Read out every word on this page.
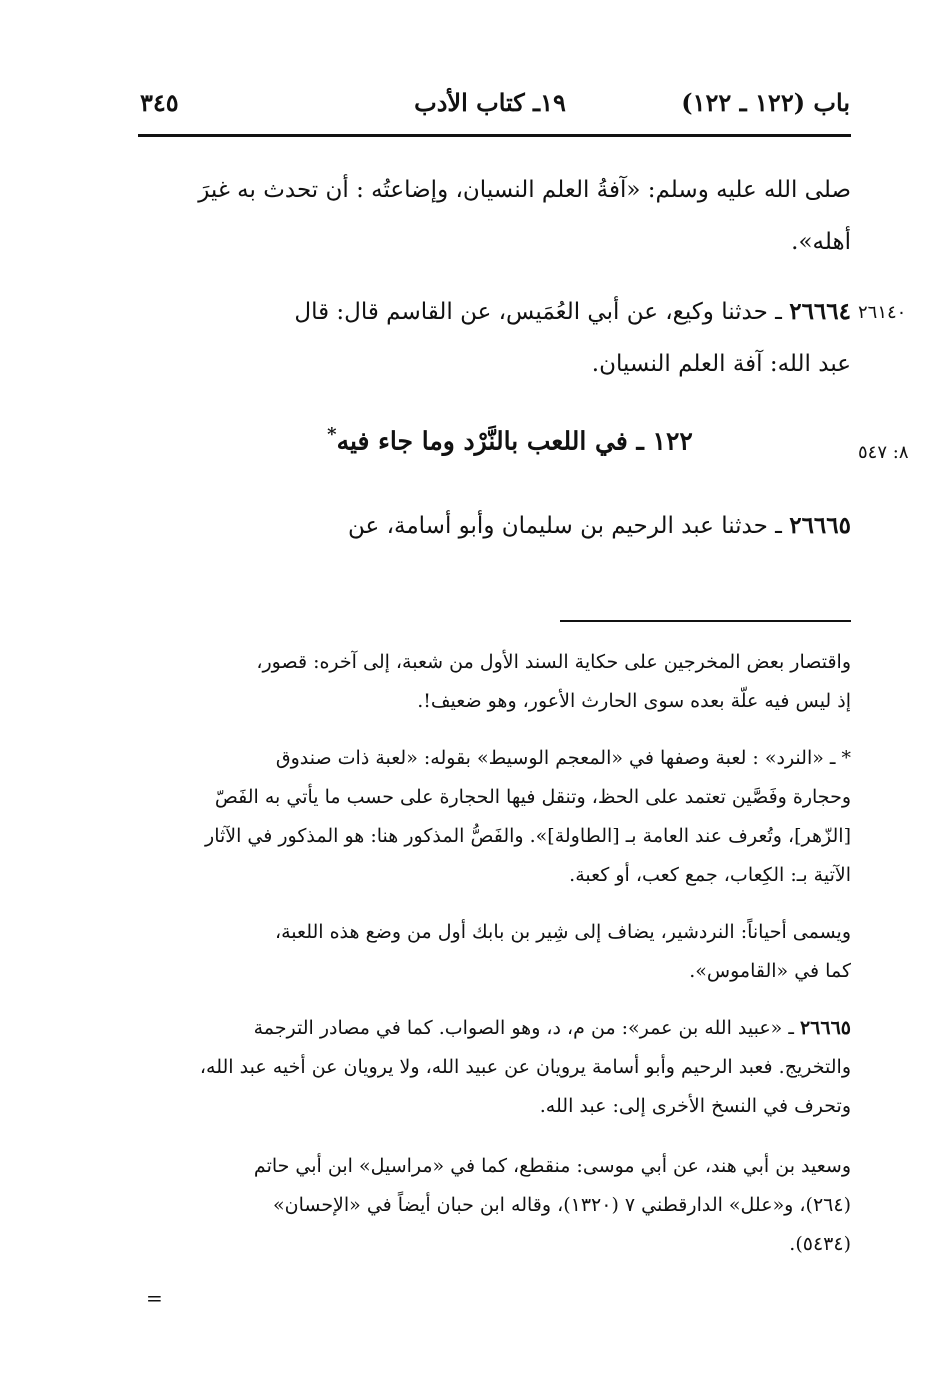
٣٤٥	١٩ـ كتاب الأدب	باب (١٢٢ ـ ١٢٢)
صلى الله عليه وسلم: «آفةُ العلم النسيان، وإضاعتُه : أن تحدث به غيرَ
أهله».
٢٦١٤٠
٢٦٦٦٤ ـ حدثنا وكيع، عن أبي العُمَيس، عن القاسم قال: قال
عبد الله: آفة العلم النسيان.
٨: ٥٤٧
١٢٢ ـ في اللعب بالنَّرْد وما جاء فيه*
٢٦٦٦٥ ـ حدثنا عبد الرحيم بن سليمان وأبو أسامة، عن
واقتصار بعض المخرجين على حكاية السند الأول من شعبة، إلى آخره: قصور،
إذ ليس فيه علّة بعده سوى الحارث الأعور، وهو ضعيف!.
* ـ «النرد» : لعبة وصفها في «المعجم الوسيط» بقوله: «لعبة ذات صندوق
وحجارة وفَصَّين تعتمد على الحظ، وتنقل فيها الحجارة على حسب ما يأتي به الفَصّ
[الزّهر]، وتُعرف عند العامة بـ [الطاولة]». والفَصُّ المذكور هنا: هو المذكور في الآثار
الآتية بـ: الكِعاب، جمع كعب، أو كعبة.
ويسمى أحياناً: النردشير، يضاف إلى شِير بن بابك أول من وضع هذه اللعبة،
كما في «القاموس».
٢٦٦٦٥ ـ «عبيد الله بن عمر»: من م، د، وهو الصواب. كما في مصادر الترجمة
والتخريج. فعبد الرحيم وأبو أسامة يرويان عن عبيد الله، ولا يرويان عن أخيه عبد الله،
وتحرف في النسخ الأخرى إلى: عبد الله.
وسعيد بن أبي هند، عن أبي موسى: منقطع، كما في «مراسيل» ابن أبي حاتم
(٢٦٤)، و«علل» الدارقطني ٧ (١٣٢٠)، وقاله ابن حبان أيضاً في «الإحسان»
(٥٤٣٤).
=
